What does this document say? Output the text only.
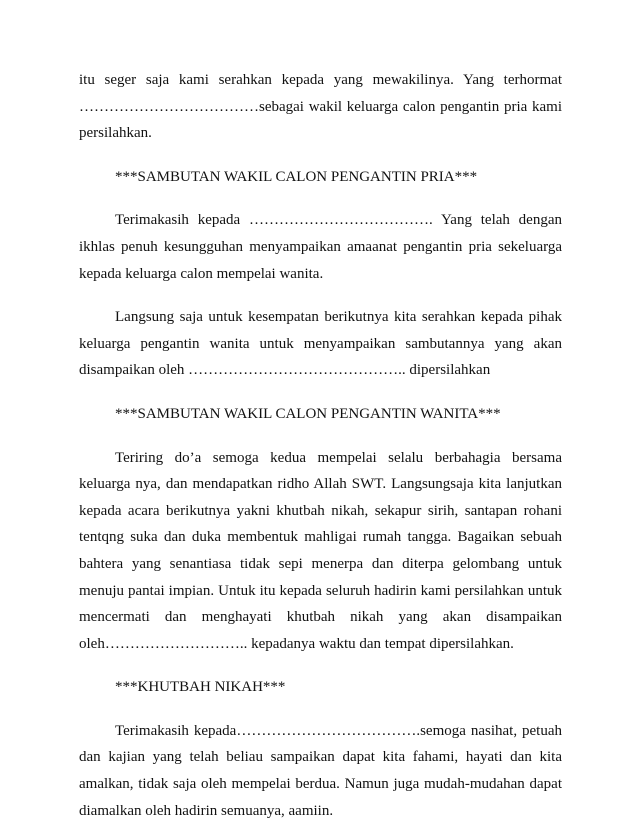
itu seger saja kami serahkan kepada yang mewakilinya. Yang terhormat ………………………………sebagai wakil keluarga calon pengantin pria kami persilahkan.

***SAMBUTAN WAKIL CALON PENGANTIN PRIA***

Terimakasih kepada ………………………………. Yang telah dengan ikhlas penuh kesungguhan menyampaikan amaanat pengantin pria sekeluarga kepada keluarga calon mempelai wanita.

Langsung saja untuk kesempatan berikutnya kita serahkan kepada pihak keluarga pengantin wanita untuk menyampaikan sambutannya yang akan disampaikan oleh …………………………………….. dipersilahkan

***SAMBUTAN WAKIL CALON PENGANTIN WANITA***

Teriring do’a semoga kedua mempelai selalu berbahagia bersama keluarga nya, dan mendapatkan ridho Allah SWT. Langsungsaja kita lanjutkan kepada acara berikutnya yakni khutbah nikah, sekapur sirih, santapan rohani tentqng suka dan duka membentuk mahligai rumah tangga. Bagaikan sebuah bahtera yang senantiasa tidak sepi menerpa dan diterpa gelombang untuk menuju pantai impian. Untuk itu kepada seluruh hadirin kami persilahkan untuk mencermati dan menghayati khutbah nikah yang akan disampaikan oleh……………………….. kepadanya waktu dan tempat dipersilahkan.

***KHUTBAH NIKAH***

Terimakasih kepada……………………………….semoga nasihat, petuah dan kajian yang telah beliau sampaikan dapat kita fahami, hayati dan kita amalkan, tidak saja oleh mempelai berdua. Namun juga mudah-mudahan dapat diamalkan oleh hadirin semuanya, aamiin.
